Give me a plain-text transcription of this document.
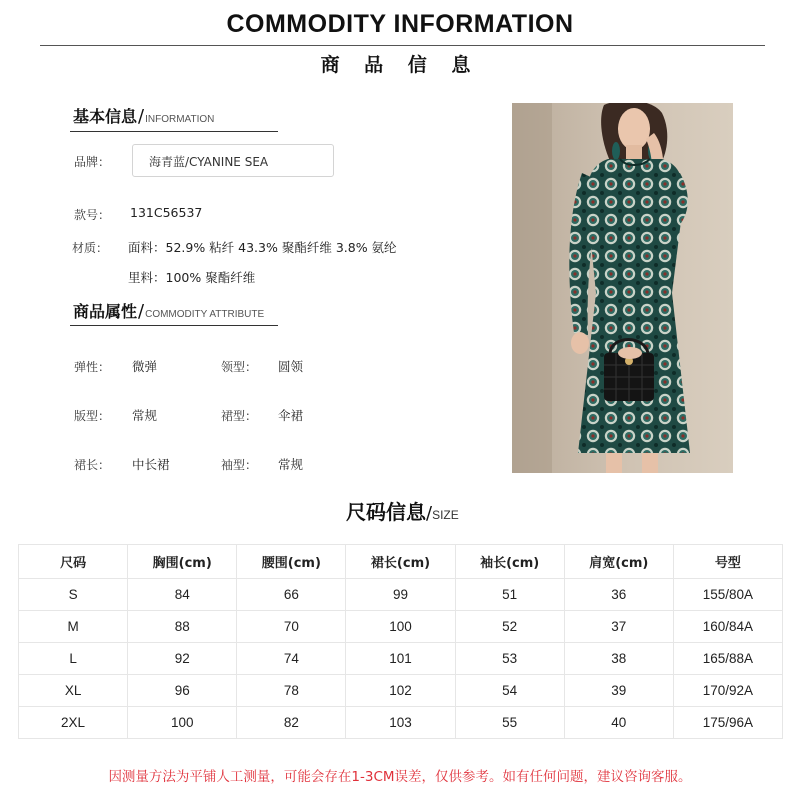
COMMODITY INFORMATION
商 品 信 息
基本信息/INFORMATION
品牌：	海青蓝/CYANINE SEA
款号： 131C56537
材质： 面料：52.9% 粘纤 43.3% 聚酯纤维 3.8% 氨纶
里料：100% 聚酯纤维
商品属性/COMMODITY ATTRIBUTE
弹性： 微弹	领型： 圆领
版型： 常规	裙型： 伞裙
裙长： 中长裙	袖型： 常规
尺码信息/SIZE
尺码	胸围(cm)	腰围(cm)	裙长(cm)	袖长(cm)	肩宽(cm)	号型
S	84	66	99	51	36	155/80A
M	88	70	100	52	37	160/84A
L	92	74	101	53	38	165/88A
XL	96	78	102	54	39	170/92A
2XL	100	82	103	55	40	175/96A
因测量方法为平铺人工测量，可能会存在1-3CM误差，仅供参考。如有任何问题，建议咨询客服。
